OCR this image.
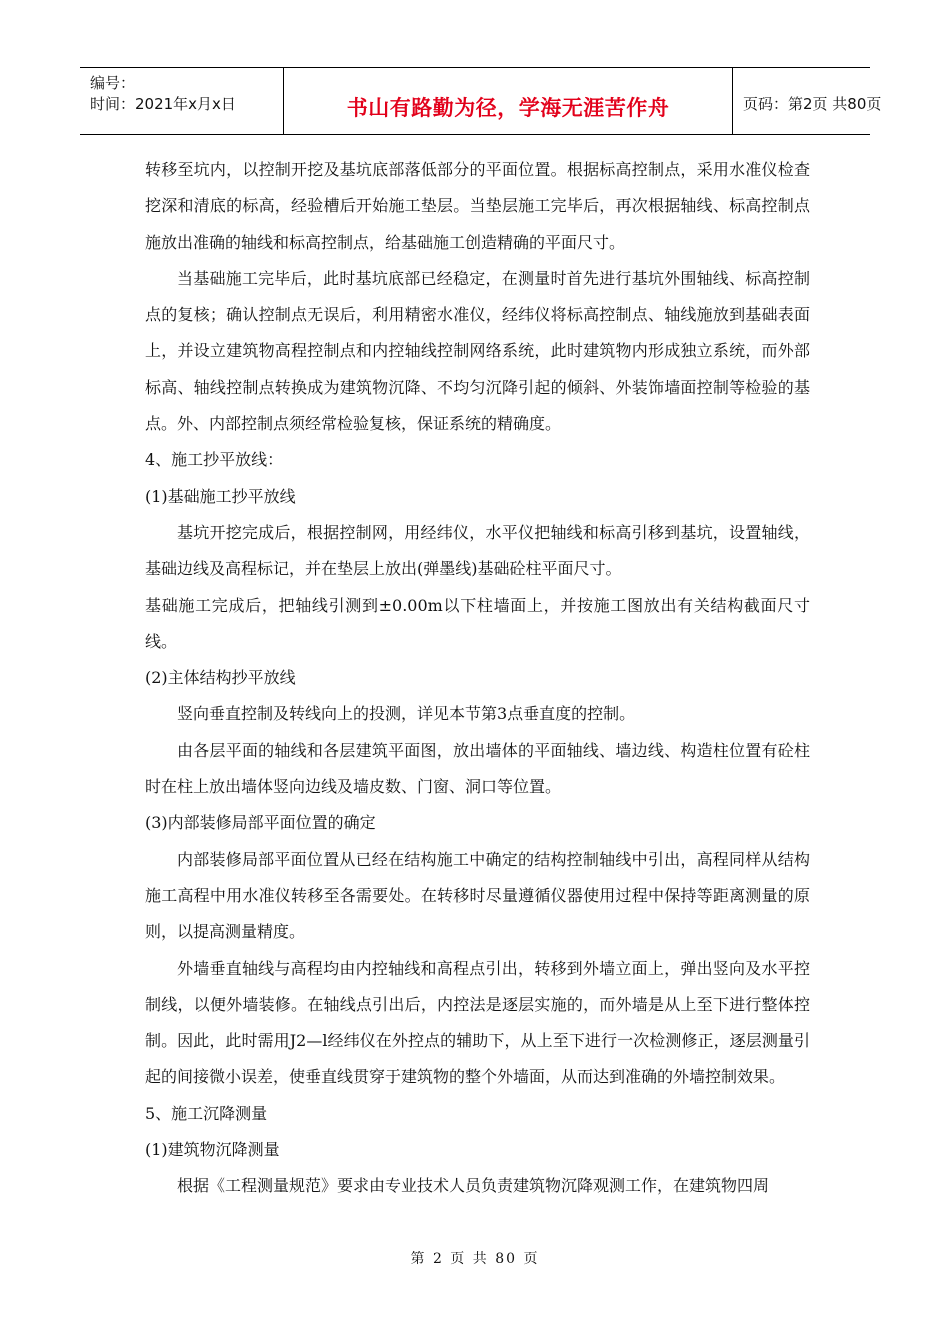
编号：
时间：2021年x月x日	书山有路勤为径，学海无涯苦作舟	页码：第2页 共80页

转移至坑内，以控制开挖及基坑底部落低部分的平面位置。根据标高控制点，采用水准仪检查挖深和清底的标高，经验槽后开始施工垫层。当垫层施工完毕后，再次根据轴线、标高控制点施放出准确的轴线和标高控制点，给基础施工创造精确的平面尺寸。

当基础施工完毕后，此时基坑底部已经稳定，在测量时首先进行基坑外围轴线、标高控制点的复核；确认控制点无误后，利用精密水准仪，经纬仪将标高控制点、轴线施放到基础表面上，并设立建筑物高程控制点和内控轴线控制网络系统，此时建筑物内形成独立系统，而外部标高、轴线控制点转换成为建筑物沉降、不均匀沉降引起的倾斜、外装饰墙面控制等检验的基点。外、内部控制点须经常检验复核，保证系统的精确度。

4、施工抄平放线：

(1)基础施工抄平放线

基坑开挖完成后，根据控制网，用经纬仪，水平仪把轴线和标高引移到基坑，设置轴线，基础边线及高程标记，并在垫层上放出(弹墨线)基础砼柱平面尺寸。

基础施工完成后，把轴线引测到±0.00m以下柱墙面上，并按施工图放出有关结构截面尺寸线。

(2)主体结构抄平放线

竖向垂直控制及转线向上的投测，详见本节第3点垂直度的控制。

由各层平面的轴线和各层建筑平面图，放出墙体的平面轴线、墙边线、构造柱位置有砼柱时在柱上放出墙体竖向边线及墙皮数、门窗、洞口等位置。

(3)内部装修局部平面位置的确定

内部装修局部平面位置从已经在结构施工中确定的结构控制轴线中引出，高程同样从结构施工高程中用水准仪转移至各需要处。在转移时尽量遵循仪器使用过程中保持等距离测量的原则，以提高测量精度。

外墙垂直轴线与高程均由内控轴线和高程点引出，转移到外墙立面上，弹出竖向及水平控制线，以便外墙装修。在轴线点引出后，内控法是逐层实施的，而外墙是从上至下进行整体控制。因此，此时需用J2—l经纬仪在外控点的辅助下，从上至下进行一次检测修正，逐层测量引起的间接微小误差，使垂直线贯穿于建筑物的整个外墙面，从而达到准确的外墙控制效果。

5、施工沉降测量

(1)建筑物沉降测量

根据《工程测量规范》要求由专业技术人员负责建筑物沉降观测工作，在建筑物四周

第 2 页 共 80 页
